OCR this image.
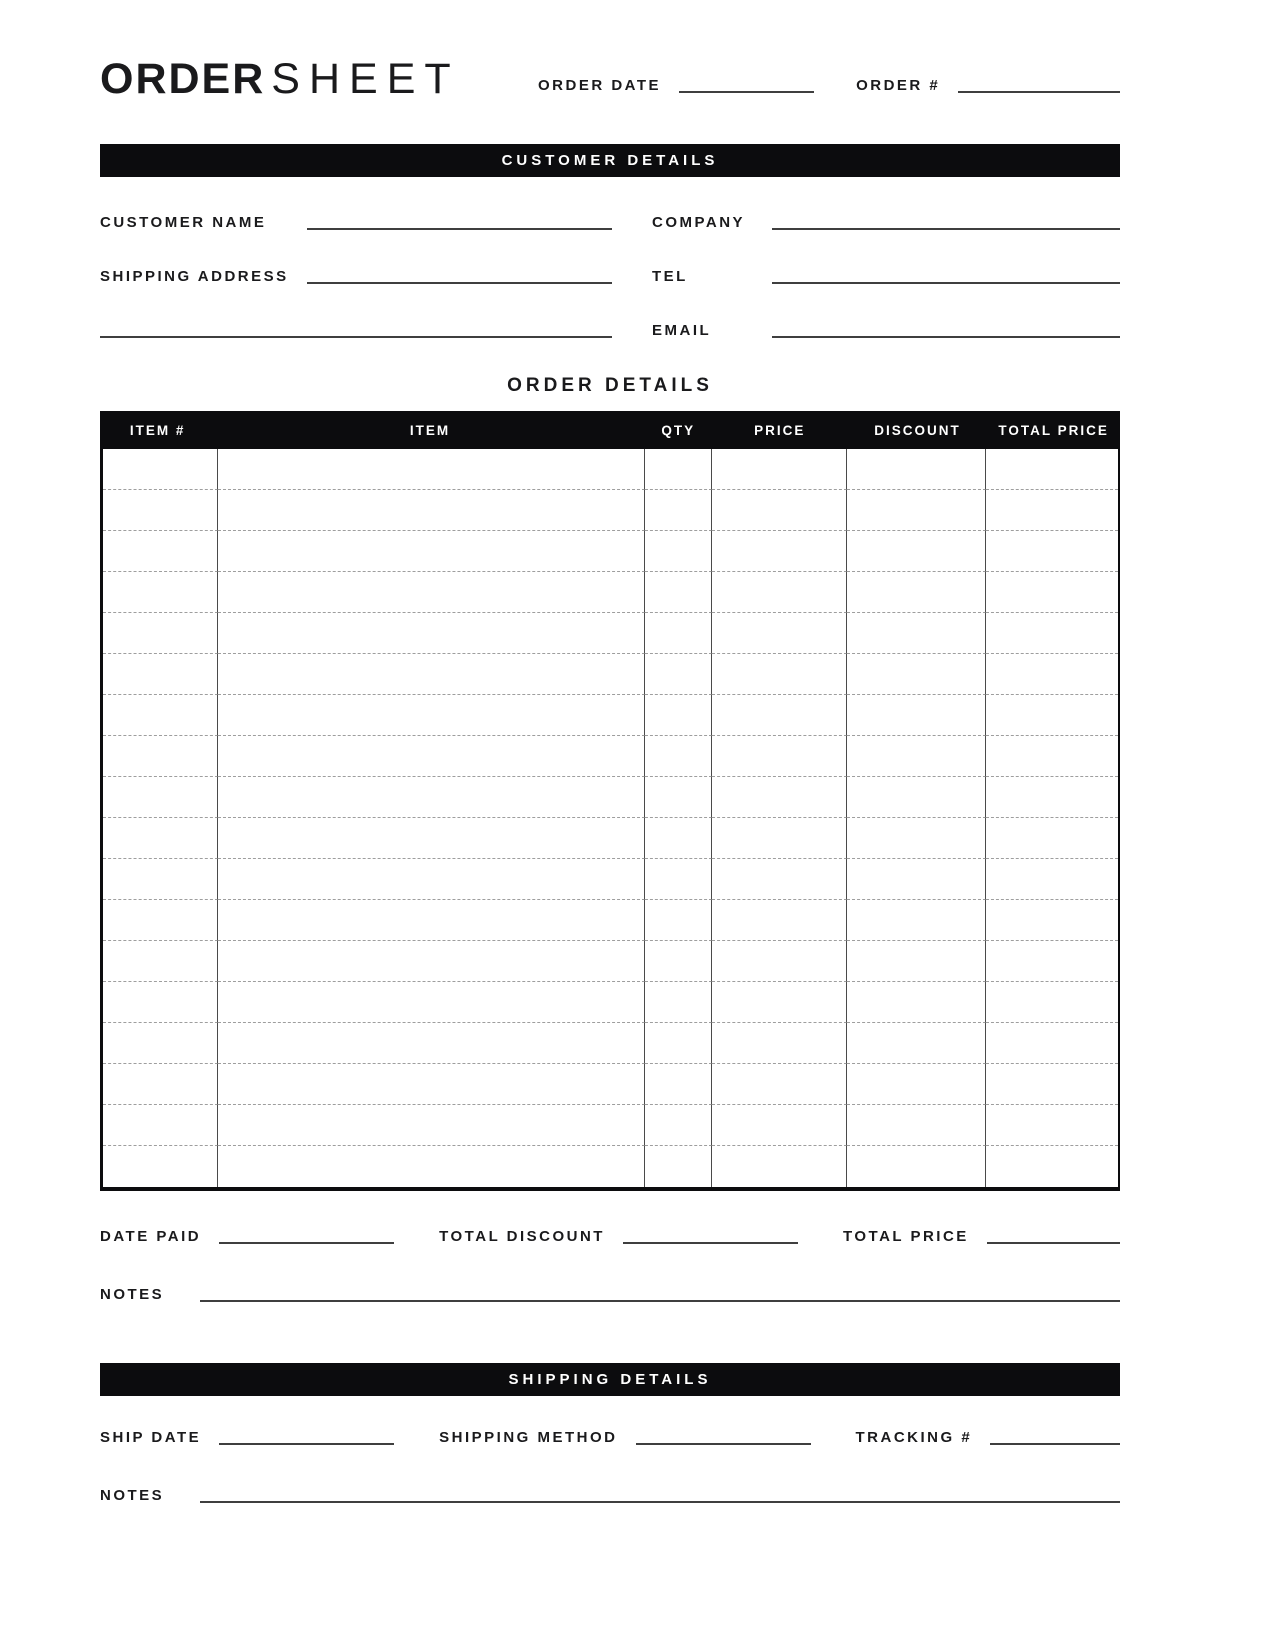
ORDER SHEET	ORDER DATE	ORDER #
CUSTOMER DETAILS
CUSTOMER NAME
SHIPPING ADDRESS
COMPANY
TEL
EMAIL
ORDER DETAILS
ITEM #	ITEM	QTY	PRICE	DISCOUNT	TOTAL PRICE
DATE PAID	TOTAL DISCOUNT	TOTAL PRICE
NOTES
SHIPPING DETAILS
SHIP DATE	SHIPPING METHOD	TRACKING #
NOTES
